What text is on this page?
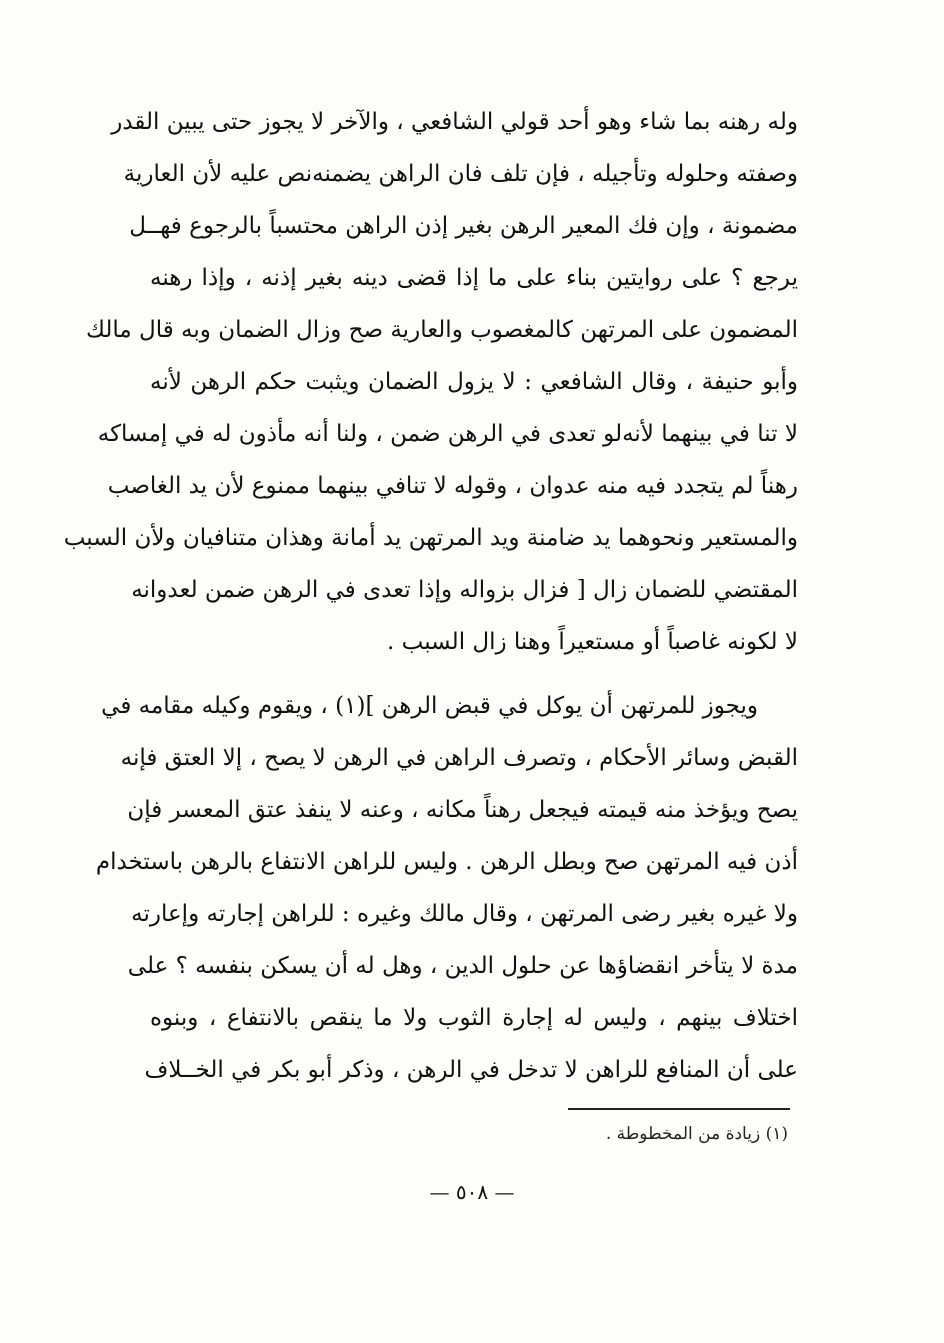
وله رهنه بما شاء وهو أحد قولي الشافعي ، والآخر لا يجوز حتى يبين القدر
وصفته وحلوله وتأجيله ، فإن تلف فان الراهن يضمنه‌نص عليه لأن العارية
مضمونة ، وإن فك المعير الرهن بغير إذن الراهن محتسباً بالرجوع فهــل
يرجع ؟ على روايتين بناء على ما إذا قضى دينه بغير إذنه ، وإذا رهنه
المضمون على المرتهن كالمغصوب والعارية صح وزال الضمان وبه قال مالك
وأبو حنيفة ، وقال الشافعي : لا يزول الضمان ويثبت حكم الرهن لأنه
لا تنا في بينهما لأنه‌لو تعدى في الرهن ضمن ، ولنا أنه مأذون له في إمساكه
رهناً لم يتجدد فيه منه عدوان ، وقوله لا تنافي بينهما ممنوع لأن يد الغاصب
والمستعير ونحوهما يد ضامنة ويد المرتهن يد أمانة وهذان متنافيان ولأن السبب
المقتضي للضمان زال [ فزال بزواله وإذا تعدى في الرهن ضمن لعدوانه
لا لكونه غاصباً أو مستعيراً وهنا زال السبب .
ويجوز للمرتهن أن يوكل في قبض الرهن ](١) ، ويقوم وكيله مقامه في
القبض وسائر الأحكام ، وتصرف الراهن في الرهن لا يصح ، إلا العتق فإنه
يصح ويؤخذ منه قيمته فيجعل رهناً مكانه ، وعنه لا ينفذ عتق المعسر فإن
أذن فيه المرتهن صح وبطل الرهن . وليس للراهن الانتفاع بالرهن باستخدام
ولا غيره بغير رضى المرتهن ، وقال مالك وغيره : للراهن إجارته وإعارته
مدة لا يتأخر انقضاؤها عن حلول الدين ، وهل له أن يسكن بنفسه ؟ على
اختلاف بينهم ، وليس له إجارة الثوب ولا ما ينقص بالانتفاع ، وبنوه
على أن المنافع للراهن لا تدخل في الرهن ، وذكر أبو بكر في الخــلاف
(١) زيادة من المخطوطة .
— ٥٠٨ —
